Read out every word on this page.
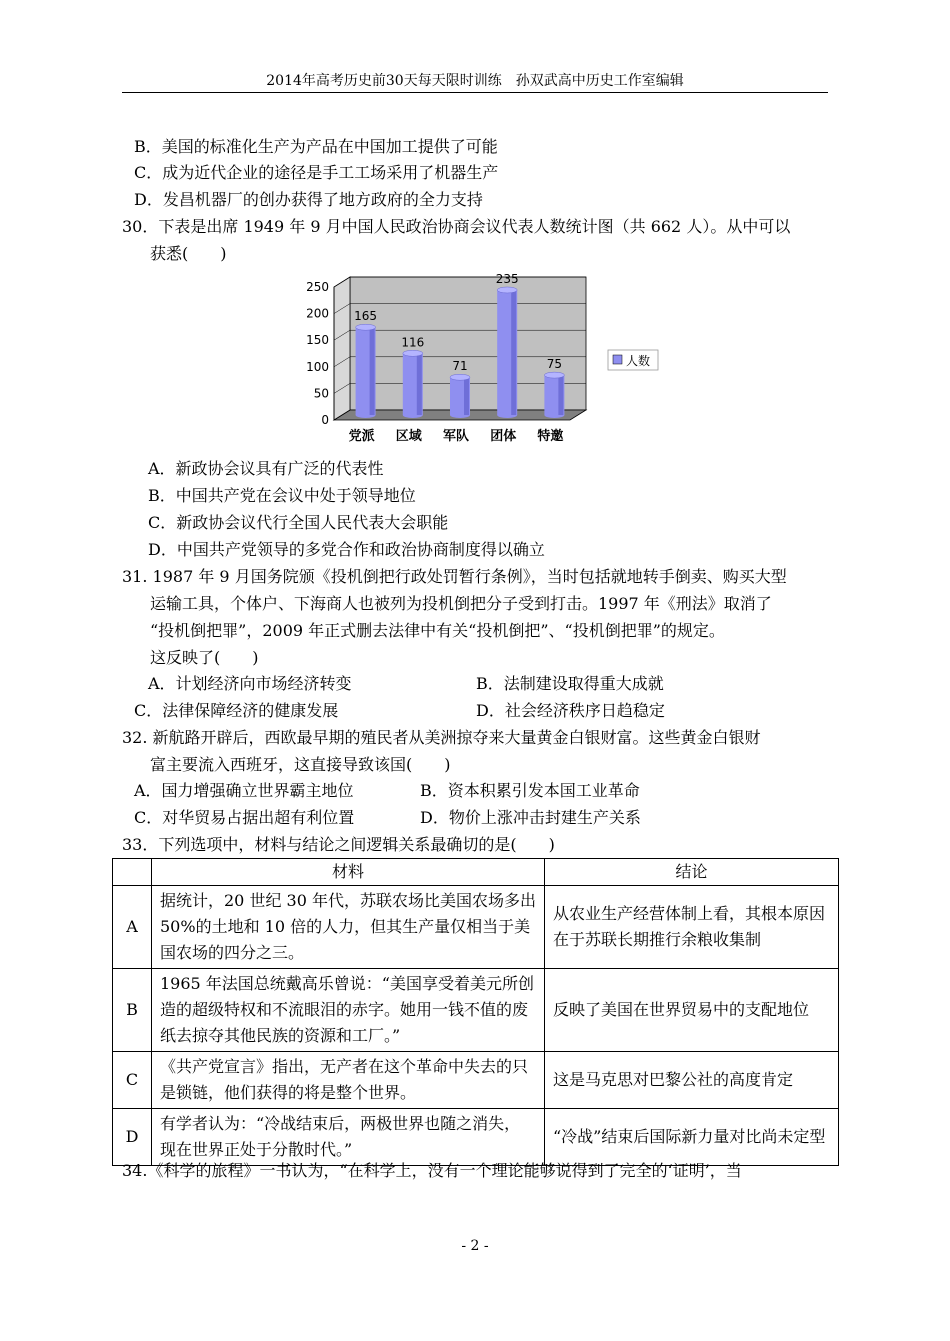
2014年高考历史前30天每天限时训练　孙双武高中历史工作室编辑
B．美国的标准化生产为产品在中国加工提供了可能
C．成为近代企业的途径是手工工场采用了机器生产
D．发昌机器厂的创办获得了地方政府的全力支持
30．下表是出席 1949 年 9 月中国人民政治协商会议代表人数统计图（共 662 人）。从中可以
获悉(　　)
0
50
100
150
200
250
165
党派
116
区域
71
军队
235
团体
75
特邀
人数
A．新政协会议具有广泛的代表性
B．中国共产党在会议中处于领导地位
C．新政协会议代行全国人民代表大会职能
D．中国共产党领导的多党合作和政治协商制度得以确立
31. 1987 年 9 月国务院颁《投机倒把行政处罚暂行条例》，当时包括就地转手倒卖、购买大型
运输工具，个体户、下海商人也被列为投机倒把分子受到打击。1997 年《刑法》取消了
“投机倒把罪”，2009 年正式删去法律中有关“投机倒把”、“投机倒把罪”的规定。
这反映了(　　)
A．计划经济向市场经济转变	B．法制建设取得重大成就
C．法律保障经济的健康发展	D．社会经济秩序日趋稳定
32. 新航路开辟后，西欧最早期的殖民者从美洲掠夺来大量黄金白银财富。这些黄金白银财
富主要流入西班牙，这直接导致该国(　　)
A．国力增强确立世界霸主地位	B．资本积累引发本国工业革命
C．对华贸易占据出超有利位置	D．物价上涨冲击封建生产关系
33．下列选项中，材料与结论之间逻辑关系最确切的是(　　)
	材料	结论
A	据统计，20 世纪 30 年代，苏联农场比美国农场多出 50%的土地和 10 倍的人力，但其生产量仅相当于美国农场的四分之三。	从农业生产经营体制上看，其根本原因在于苏联长期推行余粮收集制
B	1965 年法国总统戴高乐曾说：“美国享受着美元所创造的超级特权和不流眼泪的赤字。她用一钱不值的废纸去掠夺其他民族的资源和工厂。”	反映了美国在世界贸易中的支配地位
C	《共产党宣言》指出，无产者在这个革命中失去的只是锁链，他们获得的将是整个世界。	这是马克思对巴黎公社的高度肯定
D	有学者认为：“冷战结束后，两极世界也随之消失，现在世界正处于分散时代。”	“冷战”结束后国际新力量对比尚未定型
34.《科学的旅程》一书认为，“在科学上，没有一个理论能够说得到了完全的‘证明’，当
- 2 -
